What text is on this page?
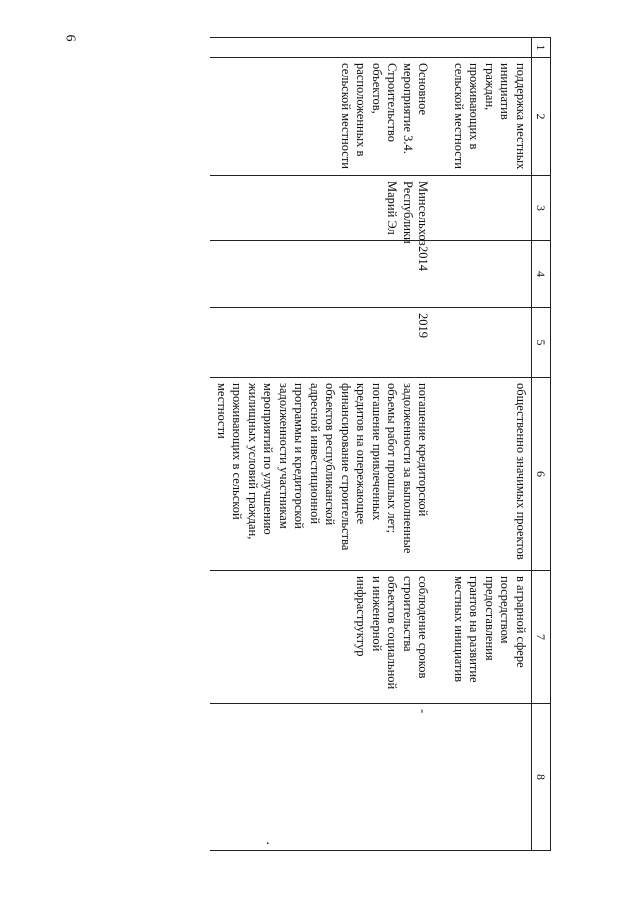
6
.
1	2	3	4	5	6	7	8
	поддержка местных инициатив граждан, проживающих в сельской местности				общественно значимых проектов	в аграрной сфере посредством предоставления грантов на развитие местных инициатив	

	Основное мероприятие 3.4. Строительство объектов, расположенных в сельской местности	Минсельхоз Республики Марий Эл	2014	2019	погашение кредиторской задолженности за выполненные объемы работ прошлых лет; погашение привлеченных кредитов на опережающее финансирование строительства объектов республиканской адресной инвестиционной программы и кредиторской задолженности участникам мероприятий по улучшению жилищных условий граждан, проживающих в сельской местности	соблюдение сроков строительства объектов социальной и инженерной инфраструктур	-
